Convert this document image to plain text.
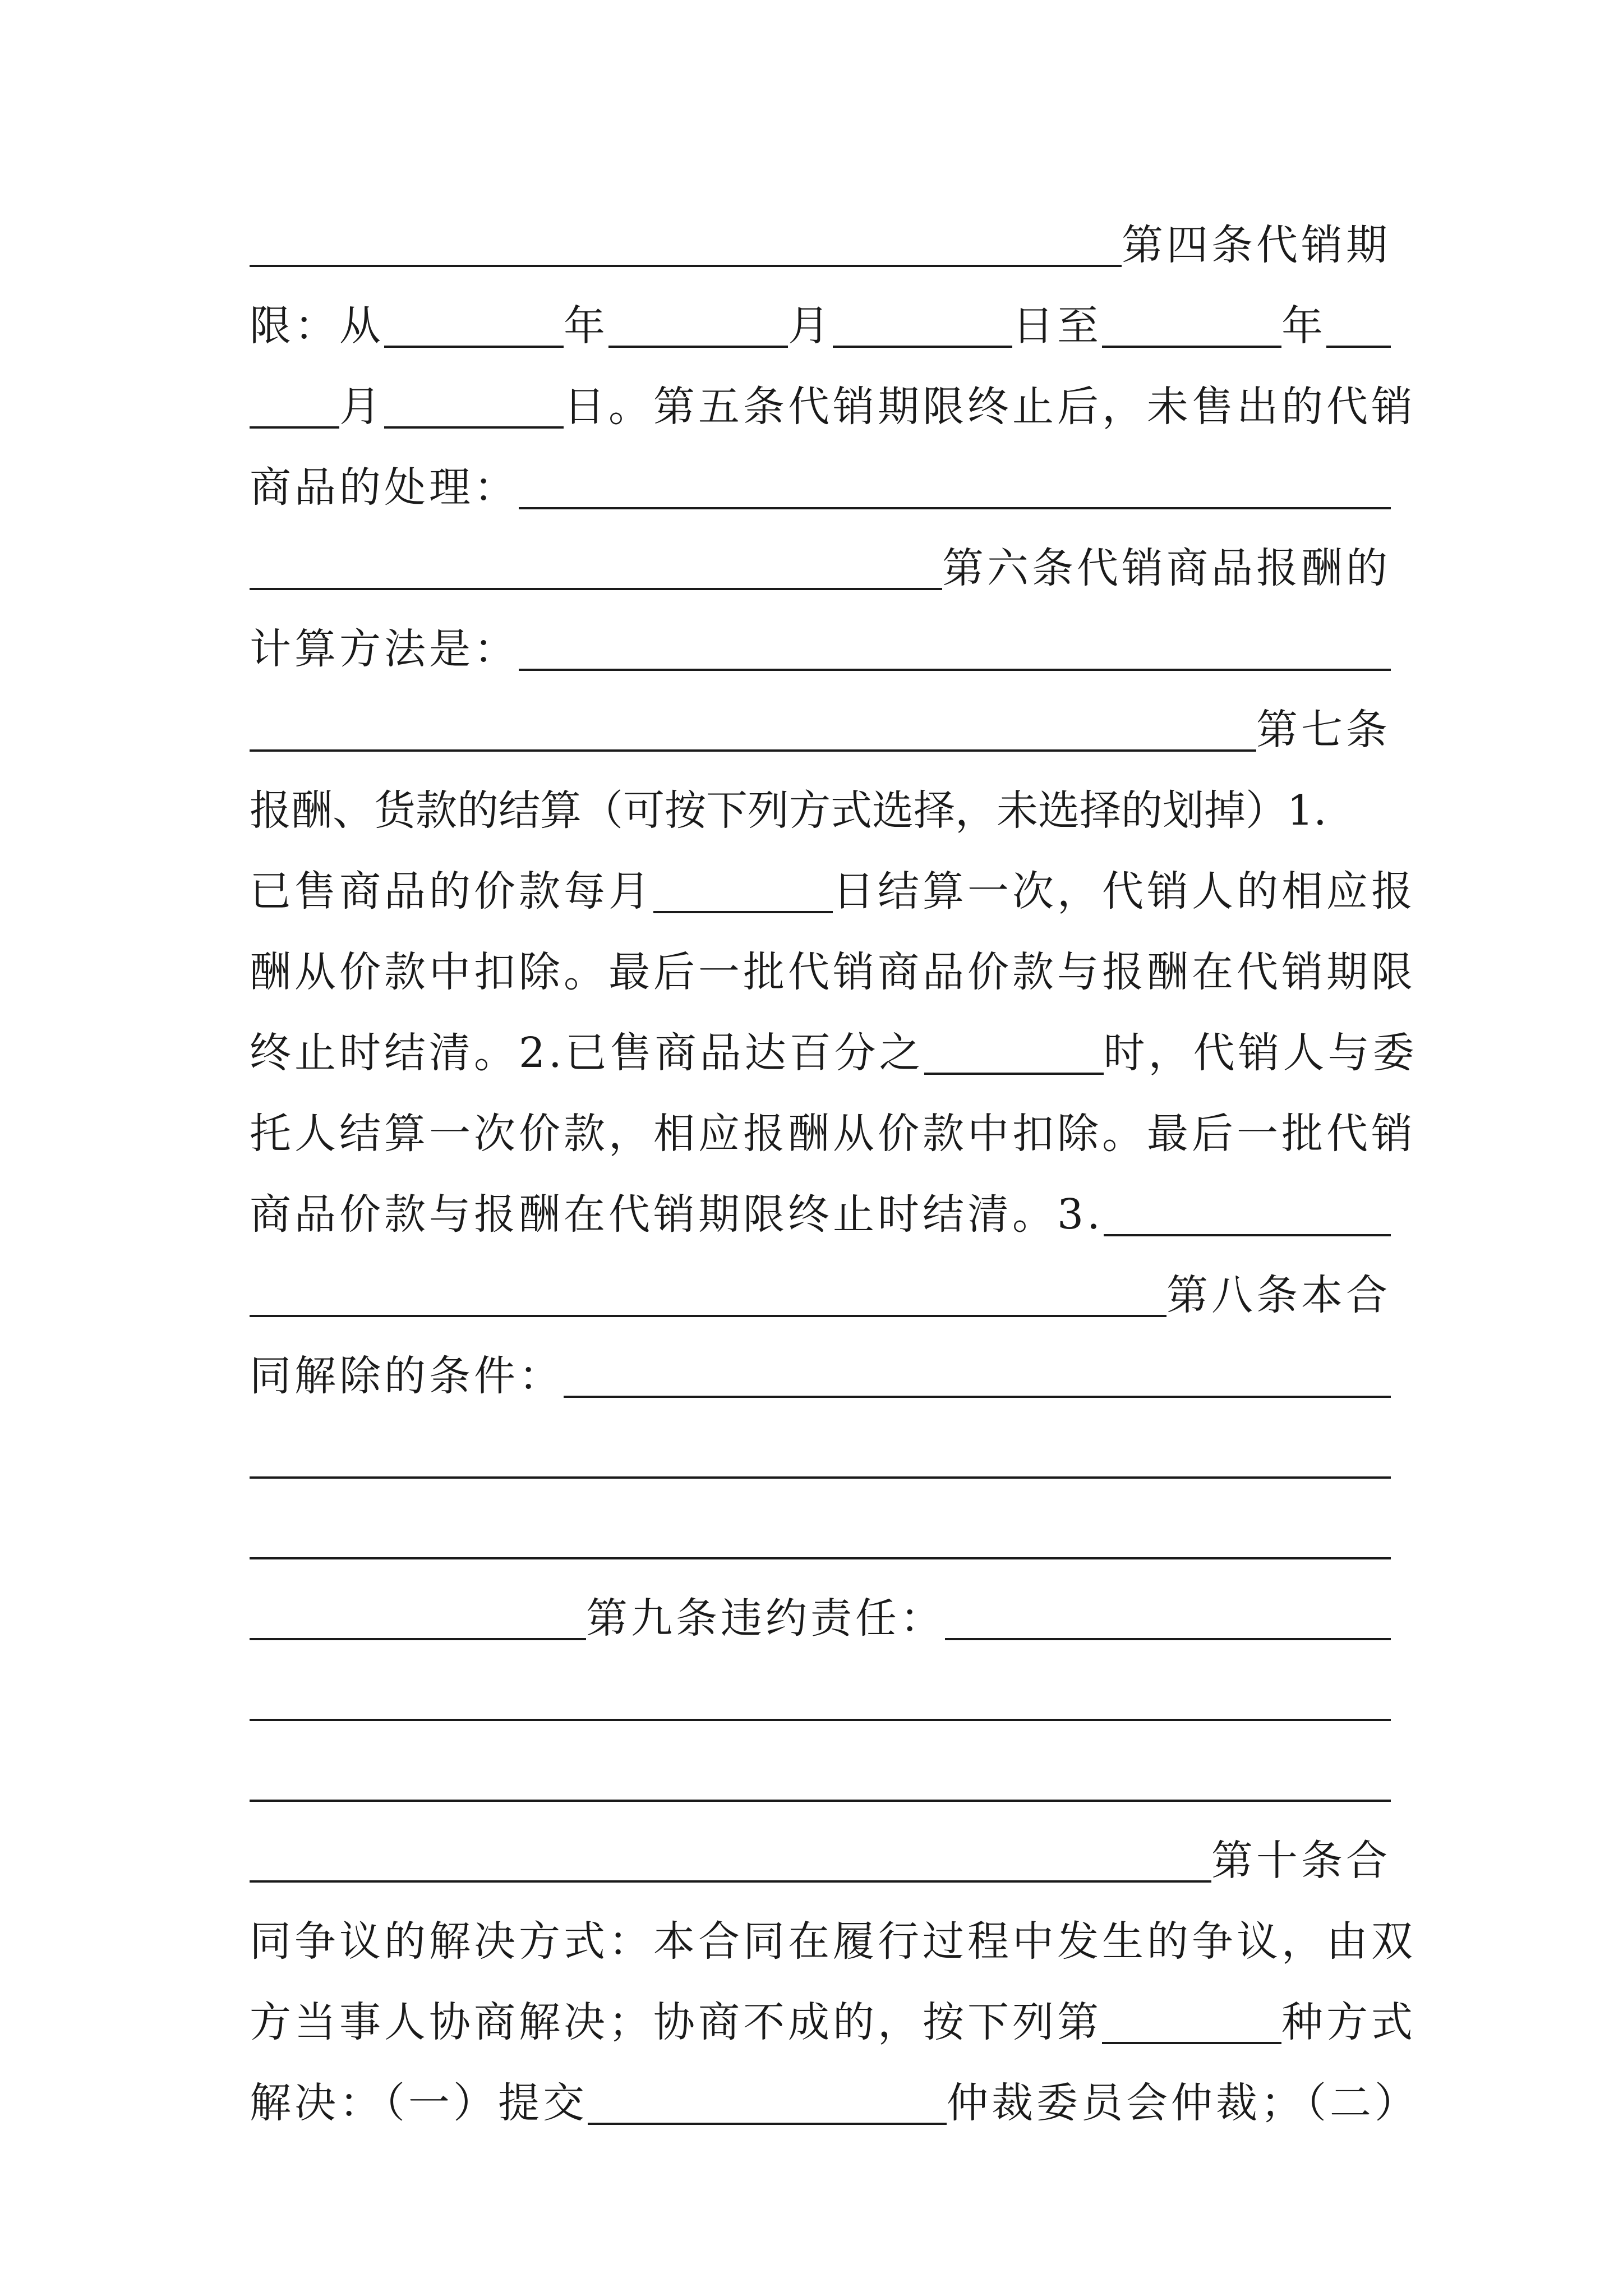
第四条代销期
限：从	年	月	日至	年
月	日。第五条代销期限终止后，未售出的代销
商品的处理：
第六条代销商品报酬的
计算方法是：
第七条
报酬、货款的结算（可按下列方式选择，未选择的划掉）1.
已售商品的价款每月	日结算一次，代销人的相应报
酬从价款中扣除。最后一批代销商品价款与报酬在代销期限
终止时结清。2.已售商品达百分之	时，代销人与委
托人结算一次价款，相应报酬从价款中扣除。最后一批代销
商品价款与报酬在代销期限终止时结清。3.
第八条本合
同解除的条件：
第九条违约责任：
第十条合
同争议的解决方式：本合同在履行过程中发生的争议，由双
方当事人协商解决；协商不成的，按下列第	种方式
解决：（一）提交	仲裁委员会仲裁；（二）
